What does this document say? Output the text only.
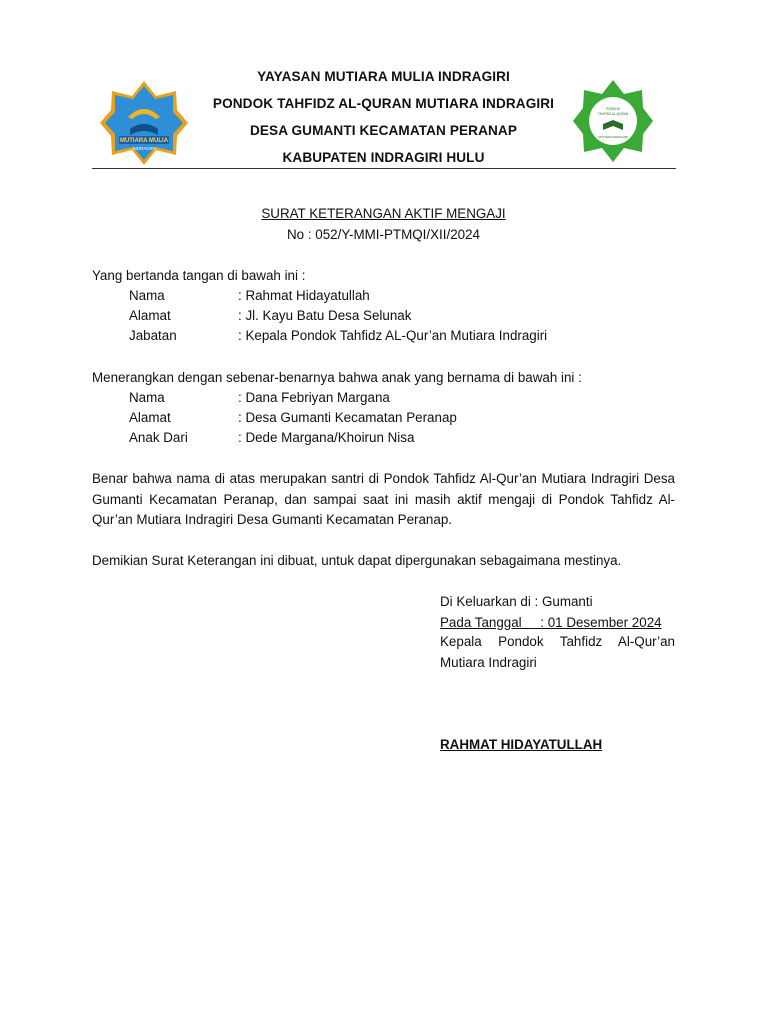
MUTIARA MULIA
INDRAGIRI
PONDOK
TAHFIDZ AL-QURAN
MUTIARA INDRAGIRI
YAYASAN MUTIARA MULIA INDRAGIRI
PONDOK TAHFIDZ AL-QURAN MUTIARA INDRAGIRI
DESA GUMANTI KECAMATAN PERANAP
KABUPATEN INDRAGIRI HULU
SURAT KETERANGAN AKTIF MENGAJI
No : 052/Y-MMI-PTMQI/XII/2024
Yang bertanda tangan di bawah ini :
Nama	: Rahmat Hidayatullah
Alamat	: Jl. Kayu Batu Desa Selunak
Jabatan	: Kepala Pondok Tahfidz AL-Qur’an Mutiara Indragiri
Menerangkan dengan sebenar-benarnya bahwa anak yang bernama di bawah ini :
Nama	: Dana Febriyan Margana
Alamat	: Desa Gumanti Kecamatan Peranap
Anak Dari	: Dede Margana/Khoirun Nisa
Benar bahwa nama di atas merupakan santri di Pondok Tahfidz Al-Qur’an Mutiara Indragiri Desa Gumanti Kecamatan Peranap, dan sampai saat ini masih aktif mengaji di Pondok Tahfidz Al-Qur’an Mutiara Indragiri Desa Gumanti Kecamatan Peranap.
Demikian Surat Keterangan ini dibuat, untuk dapat dipergunakan sebagaimana mestinya.
Di Keluarkan di : Gumanti
Pada Tanggal     : 01 Desember 2024
Kepala Pondok Tahfidz Al-Qur’an Mutiara Indragiri
RAHMAT HIDAYATULLAH
